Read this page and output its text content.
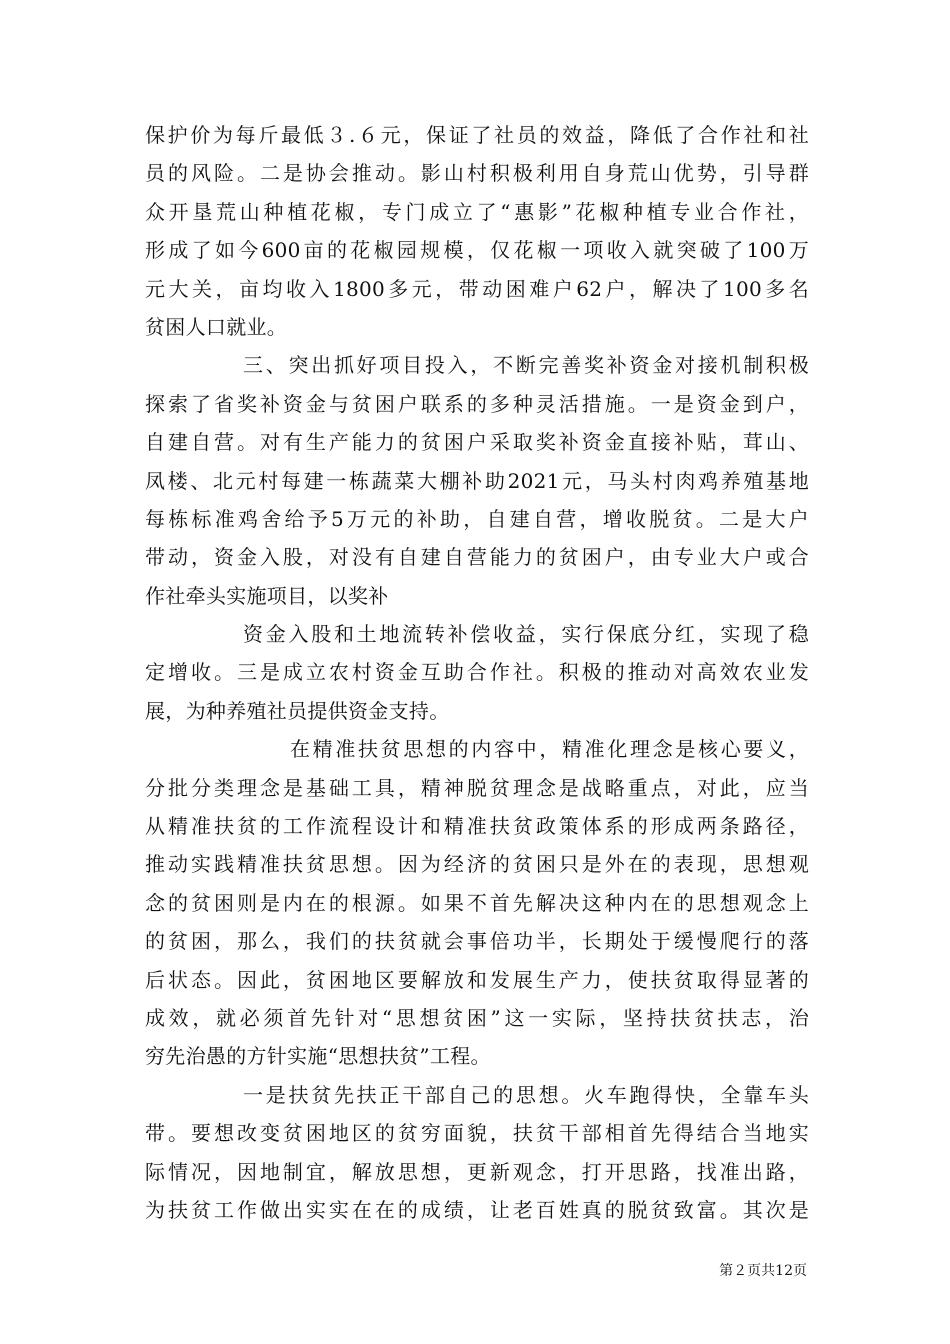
保护价为每斤最低３.６元，保证了社员的效益，降低了合作社和社
员的风险。二是协会推动。影山村积极利用自身荒山优势，引导群
众开垦荒山种植花椒，专门成立了“惠影”花椒种植专业合作社，
形成了如今600亩的花椒园规模，仅花椒一项收入就突破了100万
元大关，亩均收入1800多元，带动困难户62户，解决了100多名
贫困人口就业。
三、突出抓好项目投入，不断完善奖补资金对接机制积极
探索了省奖补资金与贫困户联系的多种灵活措施。一是资金到户，
自建自营。对有生产能力的贫困户采取奖补资金直接补贴，茸山、
凤楼、北元村每建一栋蔬菜大棚补助2021元，马头村肉鸡养殖基地
每栋标准鸡舍给予5万元的补助，自建自营，增收脱贫。二是大户
带动，资金入股，对没有自建自营能力的贫困户，由专业大户或合
作社牵头实施项目，以奖补
资金入股和土地流转补偿收益，实行保底分红，实现了稳
定增收。三是成立农村资金互助合作社。积极的推动对高效农业发
展，为种养殖社员提供资金支持。
在精准扶贫思想的内容中，精准化理念是核心要义，
分批分类理念是基础工具，精神脱贫理念是战略重点，对此，应当
从精准扶贫的工作流程设计和精准扶贫政策体系的形成两条路径，
推动实践精准扶贫思想。因为经济的贫困只是外在的表现，思想观
念的贫困则是内在的根源。如果不首先解决这种内在的思想观念上
的贫困，那么，我们的扶贫就会事倍功半，长期处于缓慢爬行的落
后状态。因此，贫困地区要解放和发展生产力，使扶贫取得显著的
成效，就必须首先针对“思想贫困”这一实际，坚持扶贫扶志，治
穷先治愚的方针实施“思想扶贫”工程。
一是扶贫先扶正干部自己的思想。火车跑得快，全靠车头
带。要想改变贫困地区的贫穷面貌，扶贫干部相首先得结合当地实
际情况，因地制宜，解放思想，更新观念，打开思路，找准出路，
为扶贫工作做出实实在在的成绩，让老百姓真的脱贫致富。其次是
第２页共12页
